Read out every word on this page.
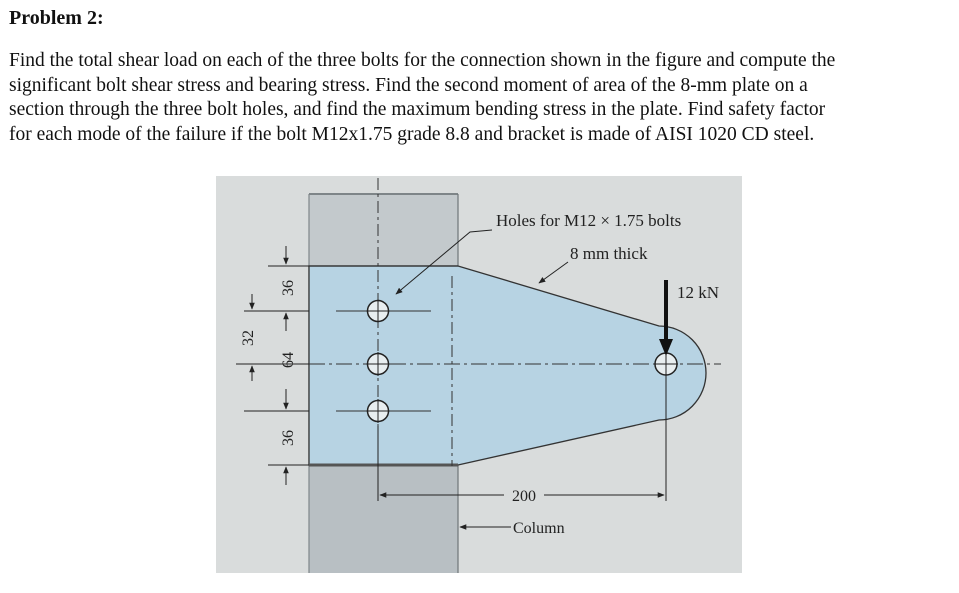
Problem 2:

Find the total shear load on each of the three bolts for the connection shown in the figure and compute the
significant bolt shear stress and bearing stress. Find the second moment of area of the 8-mm plate on a
section through the three bolt holes, and find the maximum bending stress in the plate. Find safety factor
for each mode of the failure if the bolt M12x1.75 grade 8.8 and bracket is made of AISI 1020 CD steel.

200
Column
36
64
36
32
Holes for M12 × 1.75 bolts
8 mm thick
12 kN
